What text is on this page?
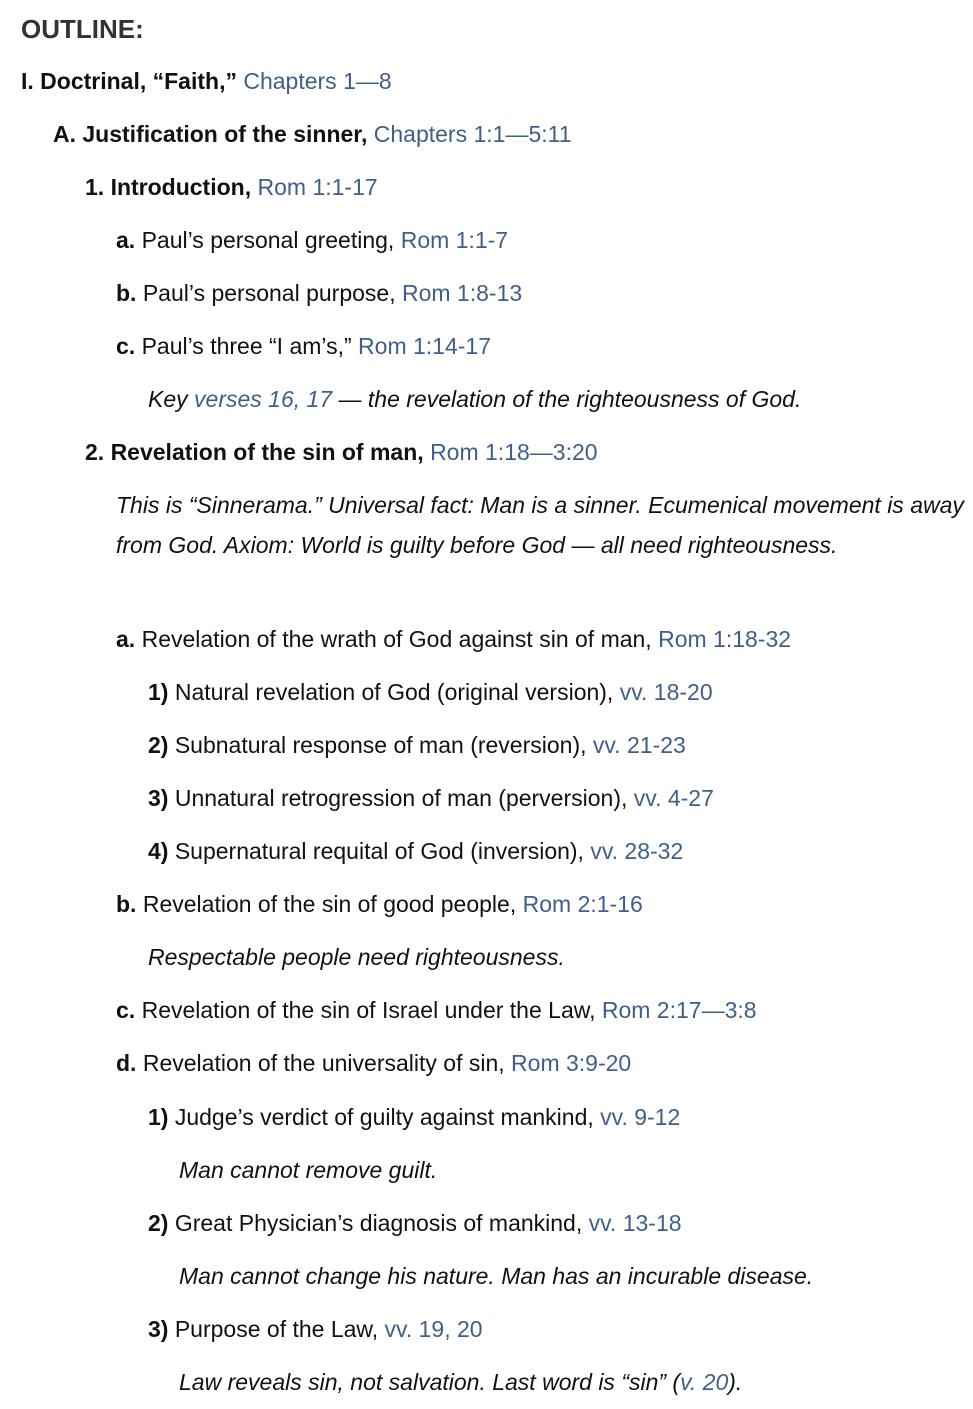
OUTLINE:
I. Doctrinal, “Faith,” Chapters 1—8
A. Justification of the sinner, Chapters 1:1—5:11
1. Introduction, Rom 1:1-17
a. Paul’s personal greeting, Rom 1:1-7
b. Paul’s personal purpose, Rom 1:8-13
c. Paul’s three “I am’s,” Rom 1:14-17
Key verses 16, 17 — the revelation of the righteousness of God.
2. Revelation of the sin of man, Rom 1:18—3:20
This is “Sinnerama.” Universal fact: Man is a sinner. Ecumenical movement is away from God. Axiom: World is guilty before God — all need righteousness.
a. Revelation of the wrath of God against sin of man, Rom 1:18-32
1) Natural revelation of God (original version), vv. 18-20
2) Subnatural response of man (reversion), vv. 21-23
3) Unnatural retrogression of man (perversion), vv. 4-27
4) Supernatural requital of God (inversion), vv. 28-32
b. Revelation of the sin of good people, Rom 2:1-16
Respectable people need righteousness.
c. Revelation of the sin of Israel under the Law, Rom 2:17—3:8
d. Revelation of the universality of sin, Rom 3:9-20
1) Judge’s verdict of guilty against mankind, vv. 9-12
Man cannot remove guilt.
2) Great Physician’s diagnosis of mankind, vv. 13-18
Man cannot change his nature. Man has an incurable disease.
3) Purpose of the Law, vv. 19, 20
Law reveals sin, not salvation. Last word is “sin” (v. 20).
